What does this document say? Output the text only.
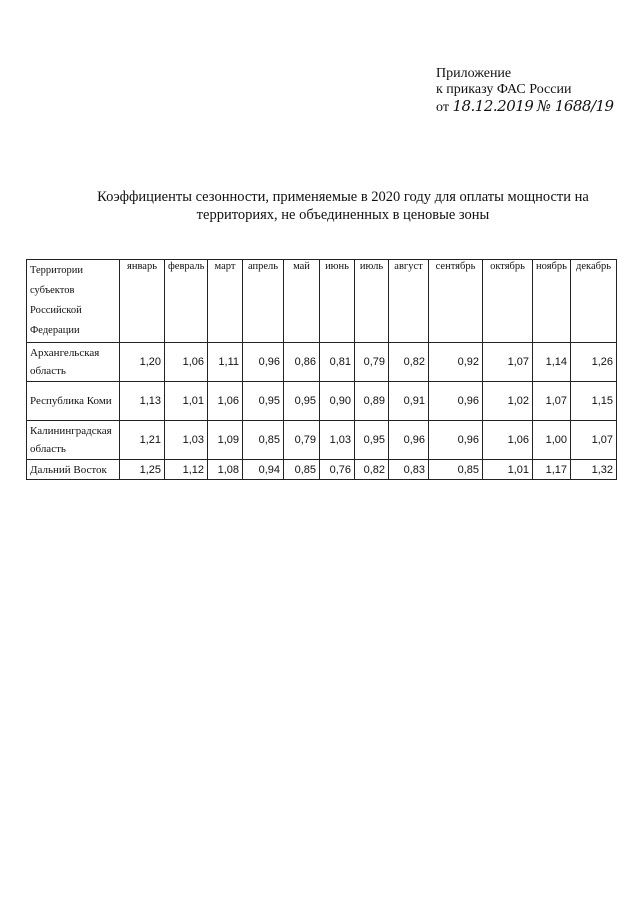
Приложение
к приказу ФАС России
от 18.12.2019 № 1688/19
Коэффициенты сезонности, применяемые в 2020 году для оплаты мощности на территориях, не объединенных в ценовые зоны
Территории субъектов Российской Федерации	январь	февраль	март	апрель	май	июнь	июль	август	сентябрь	октябрь	ноябрь	декабрь
Архангельская область	1,20	1,06	1,11	0,96	0,86	0,81	0,79	0,82	0,92	1,07	1,14	1,26
Республика Коми	1,13	1,01	1,06	0,95	0,95	0,90	0,89	0,91	0,96	1,02	1,07	1,15
Калининградская область	1,21	1,03	1,09	0,85	0,79	1,03	0,95	0,96	0,96	1,06	1,00	1,07
Дальний Восток	1,25	1,12	1,08	0,94	0,85	0,76	0,82	0,83	0,85	1,01	1,17	1,32
